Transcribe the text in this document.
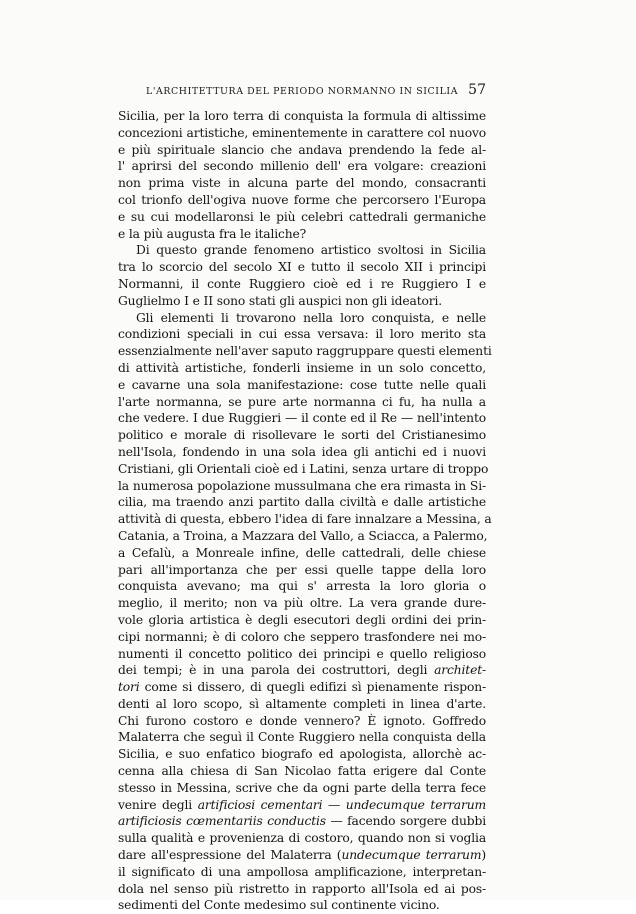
L'ARCHITETTURA DEL PERIODO NORMANNO IN SICILIA 57
Sicilia, per la loro terra di conquista la formula di altissime
concezioni artistiche, eminentemente in carattere col nuovo
e più spirituale slancio che andava prendendo la fede al-
l' aprirsi del secondo millenio dell' era volgare: creazioni
non prima viste in alcuna parte del mondo, consacranti
col trionfo dell'ogiva nuove forme che percorsero l'Europa
e su cui modellaronsi le più celebri cattedrali germaniche
e la più augusta fra le italiche?
Di questo grande fenomeno artistico svoltosi in Sicilia
tra lo scorcio del secolo XI e tutto il secolo XII i principi
Normanni, il conte Ruggiero cioè ed i re Ruggiero I e
Guglielmo I e II sono stati gli auspici non gli ideatori.
Gli elementi li trovarono nella loro conquista, e nelle
condizioni speciali in cui essa versava: il loro merito sta
essenzialmente nell'aver saputo raggruppare questi elementi
di attività artistiche, fonderli insieme in un solo concetto,
e cavarne una sola manifestazione: cose tutte nelle quali
l'arte normanna, se pure arte normanna ci fu, ha nulla a
che vedere. I due Ruggieri — il conte ed il Re — nell'intento
politico e morale di risollevare le sorti del Cristianesimo
nell'Isola, fondendo in una sola idea gli antichi ed i nuovi
Cristiani, gli Orientali cioè ed i Latini, senza urtare di troppo
la numerosa popolazione mussulmana che era rimasta in Si-
cilia, ma traendo anzi partito dalla civiltà e dalle artistiche
attività di questa, ebbero l'idea di fare innalzare a Messina, a
Catania, a Troina, a Mazzara del Vallo, a Sciacca, a Palermo,
a Cefalù, a Monreale infine, delle cattedrali, delle chiese
pari all'importanza che per essi quelle tappe della loro
conquista avevano; ma qui s' arresta la loro gloria o
meglio, il merito; non va più oltre. La vera grande dure-
vole gloria artistica è degli esecutori degli ordini dei prin-
cipi normanni; è di coloro che seppero trasfondere nei mo-
numenti il concetto politico dei principi e quello religioso
dei tempi; è in una parola dei costruttori, degli architet-
tori come si dissero, di quegli edifizi sì pienamente rispon-
denti al loro scopo, sì altamente completi in linea d'arte.
Chi furono costoro e donde vennero? È ignoto. Goffredo
Malaterra che seguì il Conte Ruggiero nella conquista della
Sicilia, e suo enfatico biografo ed apologista, allorchè ac-
cenna alla chiesa di San Nicolao fatta erigere dal Conte
stesso in Messina, scrive che da ogni parte della terra fece
venire degli artificiosi cementari — undecumque terrarum
artificiosis cœmentariis conductis — facendo sorgere dubbi
sulla qualità e provenienza di costoro, quando non si voglia
dare all'espressione del Malaterra (undecumque terrarum)
il significato di una ampollosa amplificazione, interpretan-
dola nel senso più ristretto in rapporto all'Isola ed ai pos-
sedimenti del Conte medesimo sul continente vicino.
